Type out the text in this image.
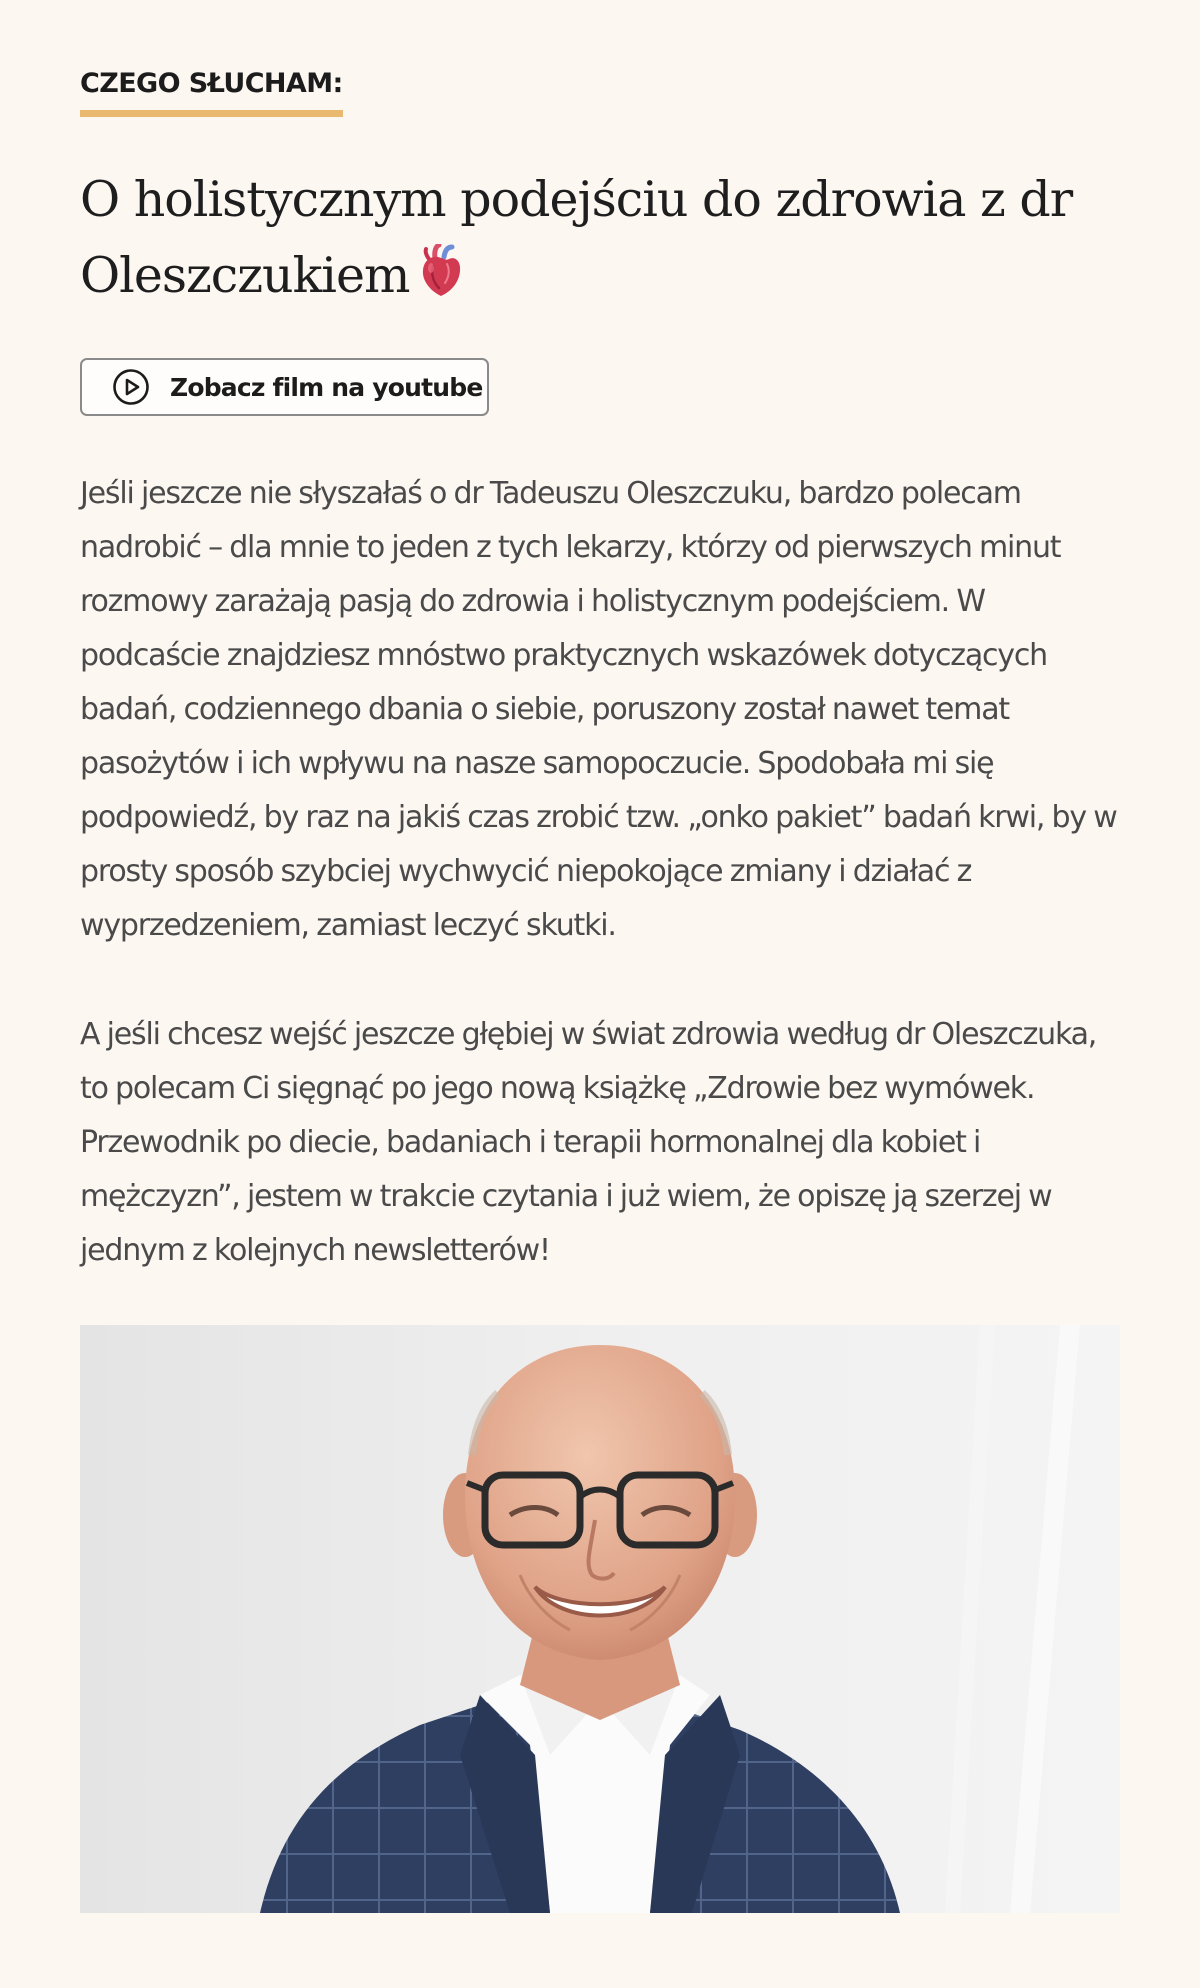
CZEGO SŁUCHAM:
O holistycznym podejściu do zdrowia z dr Oleszczukiem
Zobacz film na youtube

Jeśli jeszcze nie słyszałaś o dr Tadeuszu Oleszczuku, bardzo polecam nadrobić – dla mnie to jeden z tych lekarzy, którzy od pierwszych minut rozmowy zarażają pasją do zdrowia i holistycznym podejściem. W podcaście znajdziesz mnóstwo praktycznych wskazówek dotyczących badań, codziennego dbania o siebie, poruszony został nawet temat pasożytów i ich wpływu na nasze samopoczucie. Spodobała mi się podpowiedź, by raz na jakiś czas zrobić tzw. „onko pakiet” badań krwi, by w prosty sposób szybciej wychwycić niepokojące zmiany i działać z wyprzedzeniem, zamiast leczyć skutki.

A jeśli chcesz wejść jeszcze głębiej w świat zdrowia według dr Oleszczuka, to polecam Ci sięgnąć po jego nową książkę „Zdrowie bez wymówek. Przewodnik po diecie, badaniach i terapii hormonalnej dla kobiet i mężczyzn”, jestem w trakcie czytania i już wiem, że opiszę ją szerzej w jednym z kolejnych newsletterów!
